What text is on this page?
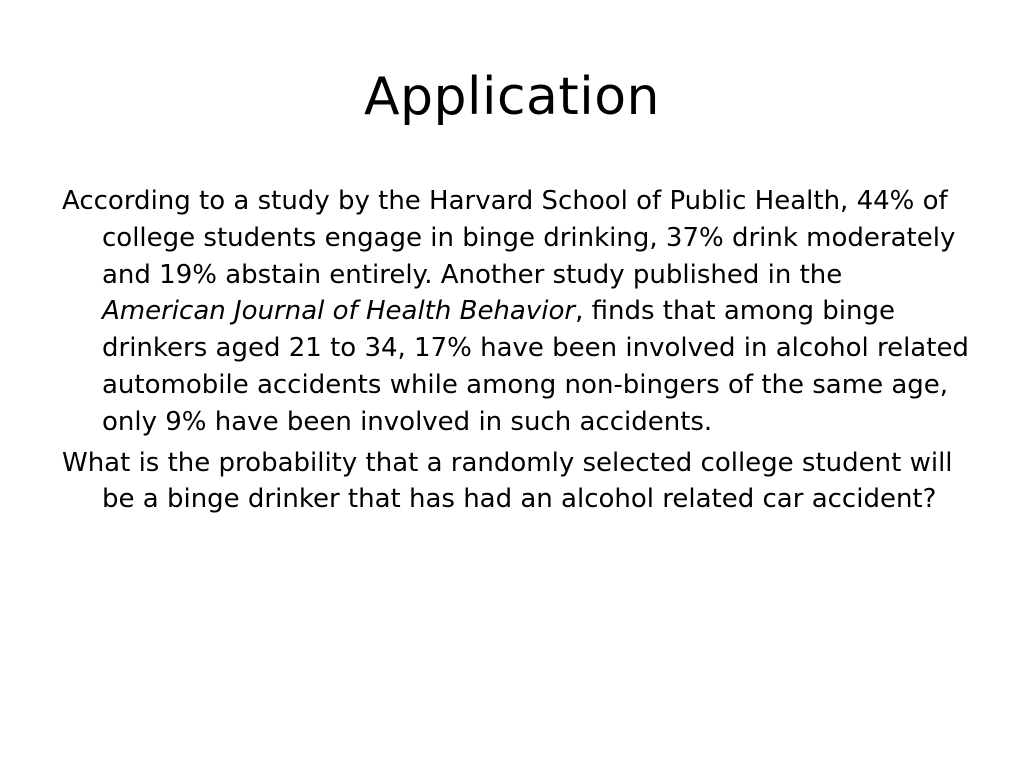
Application

According to a study by the Harvard School of Public Health, 44% of college students engage in binge drinking, 37% drink moderately and 19% abstain entirely. Another study published in the American Journal of Health Behavior, finds that among binge drinkers aged 21 to 34, 17% have been involved in alcohol related automobile accidents while among non-bingers of the same age, only 9% have been involved in such accidents.

What is the probability that a randomly selected college student will be a binge drinker that has had an alcohol related car accident?
